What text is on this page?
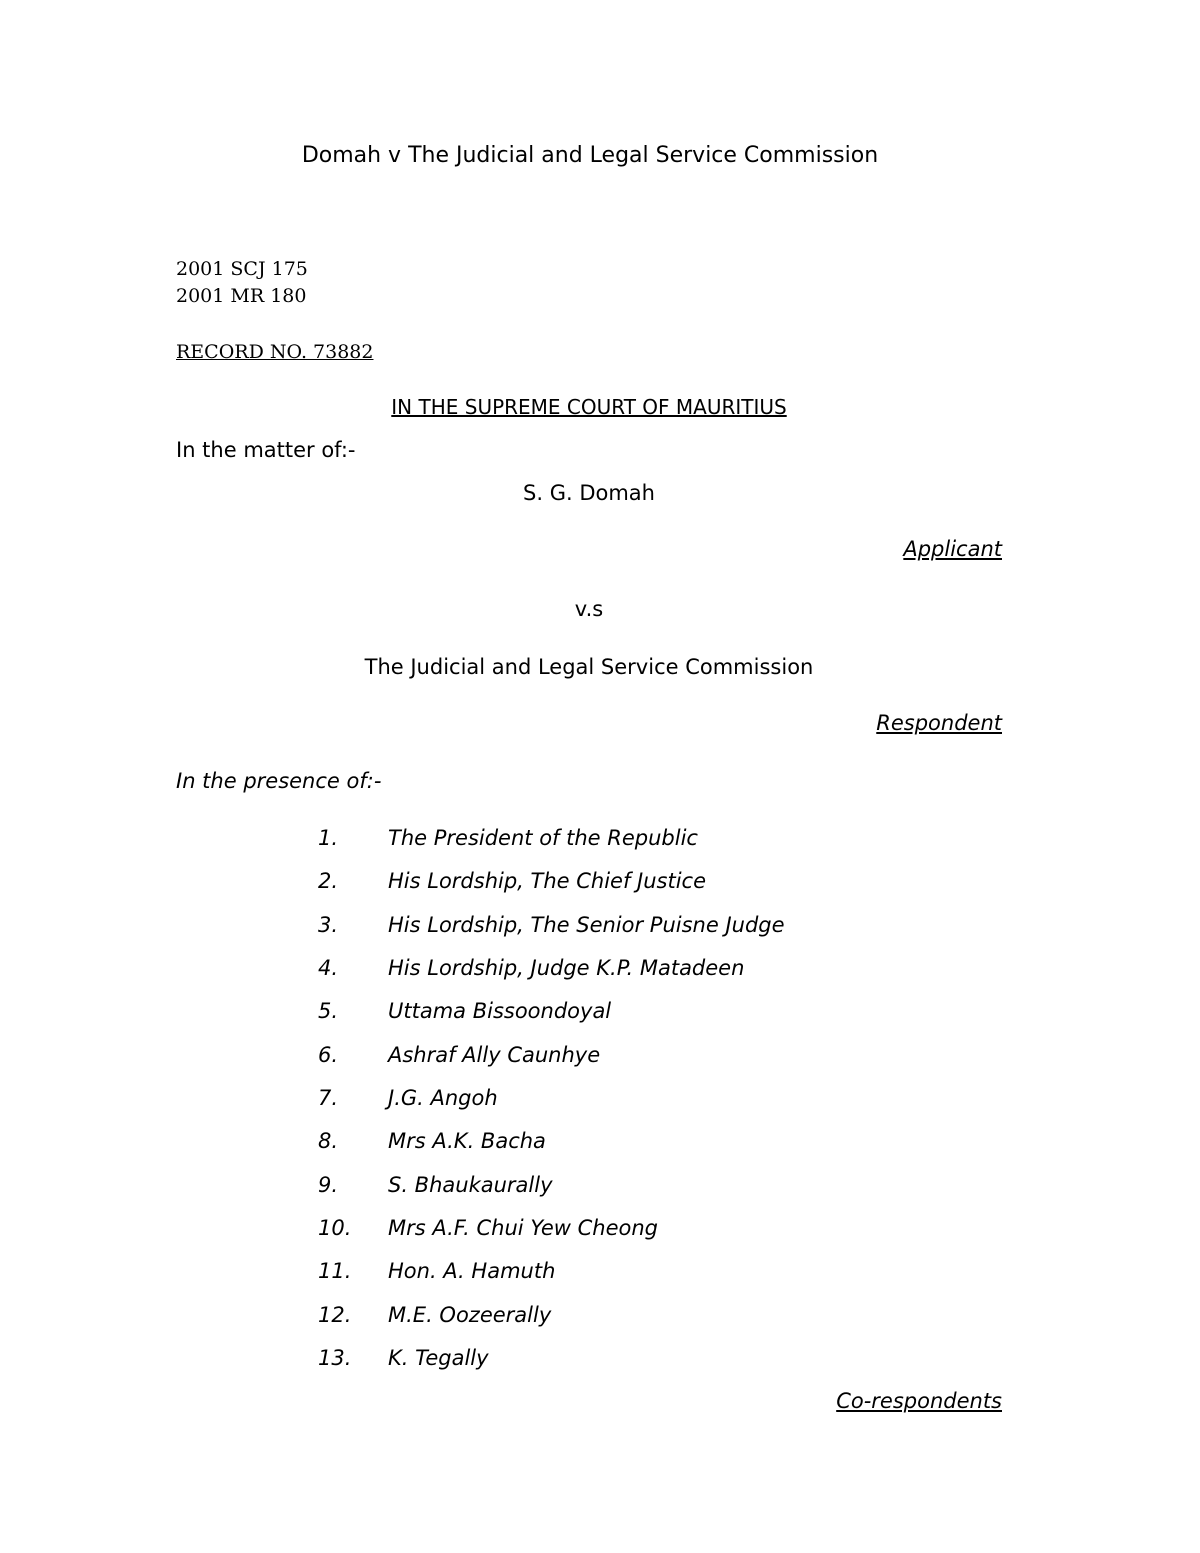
Domah v The Judicial and Legal Service Commission
2001 SCJ 175
2001 MR 180
RECORD NO. 73882
IN THE SUPREME COURT OF MAURITIUS
In the matter of:-
S. G. Domah
Applicant
v.s
The Judicial and Legal Service Commission
Respondent
In the presence of:-
1. The President of the Republic
2. His Lordship, The Chief Justice
3. His Lordship, The Senior Puisne Judge
4. His Lordship, Judge K.P. Matadeen
5. Uttama Bissoondoyal
6. Ashraf Ally Caunhye
7. J.G. Angoh
8. Mrs A.K. Bacha
9. S. Bhaukaurally
10. Mrs A.F. Chui Yew Cheong
11. Hon. A. Hamuth
12. M.E. Oozeerally
13. K. Tegally
Co-respondents
